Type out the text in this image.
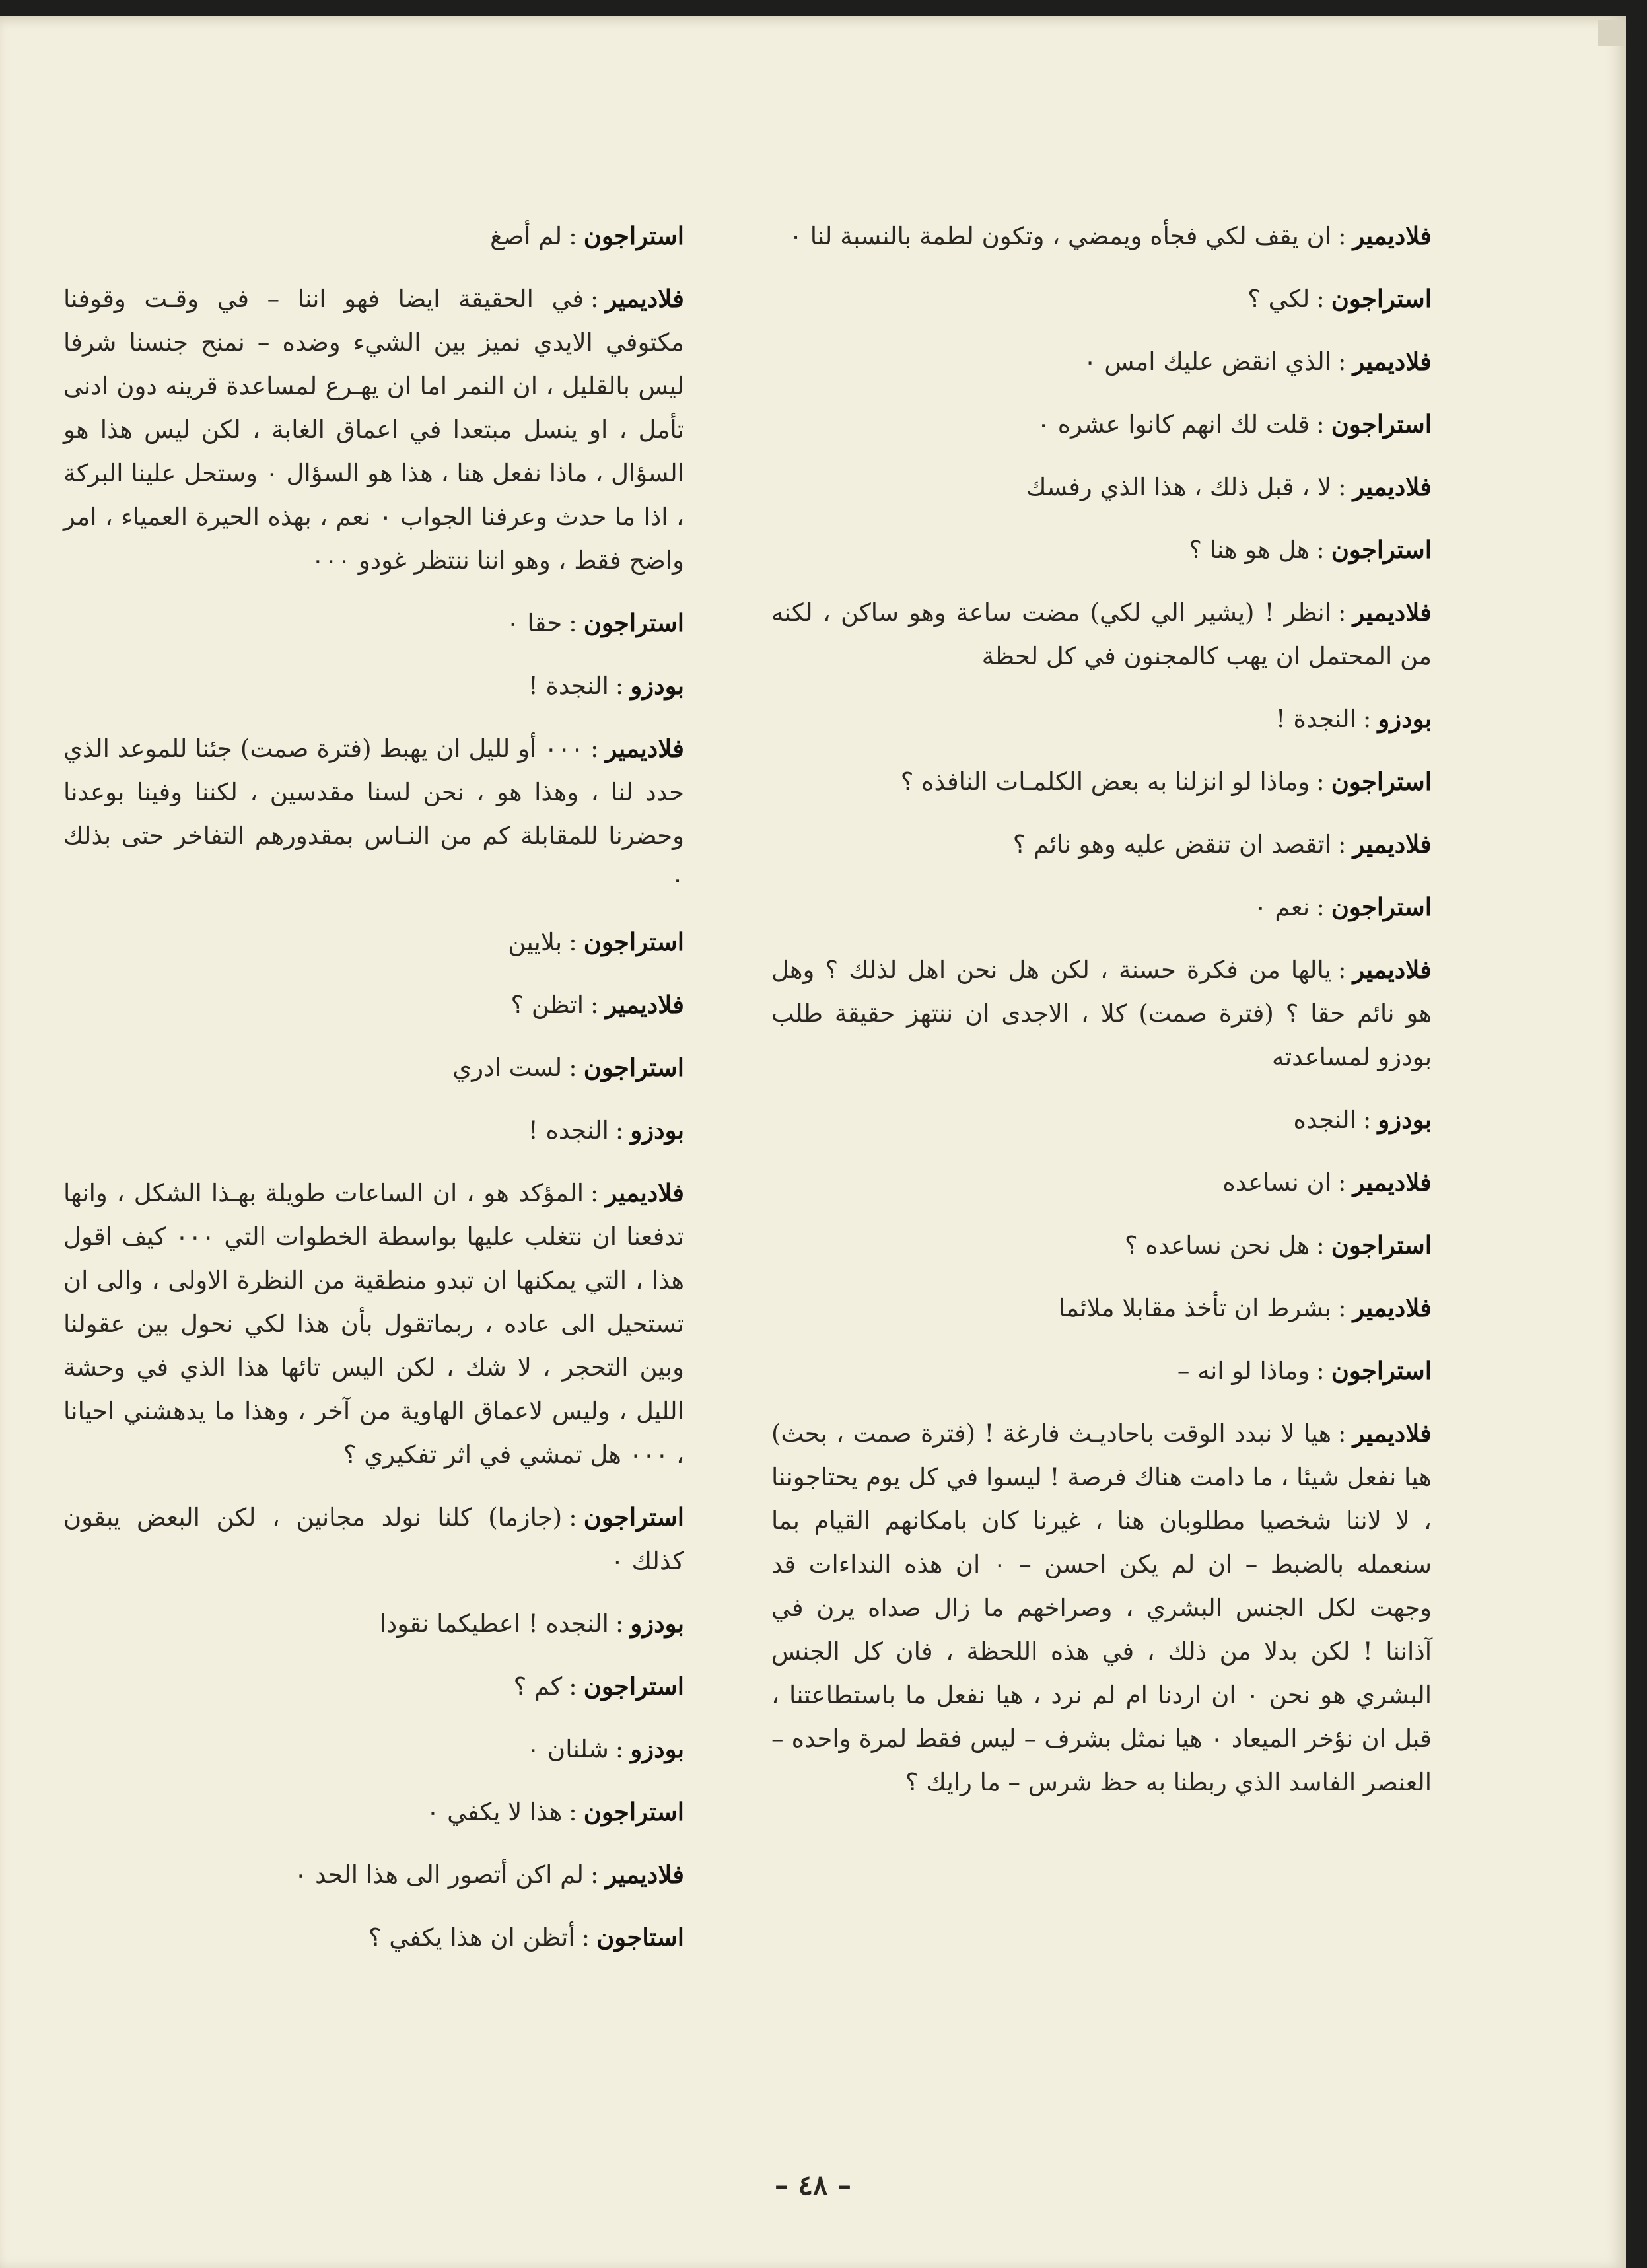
فلاديمير:ان يقف لكي فجأه ويمضي ، وتكون لطمة بالنسبة لنا ٠
استراجون:لكي ؟
فلاديمير:الذي انقض عليك امس ٠
استراجون:قلت لك انهم كانوا عشره ٠
فلاديمير:لا ، قبل ذلك ، هذا الذي رفسك
استراجون:هل هو هنا ؟
فلاديمير:انظر ! (يشير الي لكي) مضت ساعة وهو ساكن ، لكنه من المحتمل ان يهب كالمجنون في كل لحظة
بودزو:النجدة !
استراجون:وماذا لو انزلنا به بعض الكلمـات النافذه ؟
فلاديمير:اتقصد ان تنقض عليه وهو نائم ؟
استراجون:نعم ٠
فلاديمير:يالها من فكرة حسنة ، لكن هل نحن اهل لذلك ؟ وهل هو نائم حقا ؟ (فترة صمت) كلا ، الاجدى ان ننتهز حقيقة طلب بودزو لمساعدته
بودزو:النجده
فلاديمير:ان نساعده
استراجون:هل نحن نساعده ؟
فلاديمير:بشرط ان تأخذ مقابلا ملائما
استراجون:وماذا لو انه –
فلاديمير:هيا لا نبدد الوقت باحاديـث فارغة ! (فترة صمت ، بحث) هيا نفعل شيئا ، ما دامت هناك فرصة ! ليسوا في كل يوم يحتاجوننا ، لا لاننا شخصيا مطلوبان هنا ، غيرنا كان بامكانهم القيام بما سنعمله بالضبط – ان لم يكن احسن – ٠ ان هذه النداءات قد وجهت لكل الجنس البشري ، وصراخهم ما زال صداه يرن في آذاننا ! لكن بدلا من ذلك ، في هذه اللحظة ، فان كل الجنس البشري هو نحن ٠ ان اردنا ام لم نرد ، هيا نفعل ما باستطاعتنا ، قبل ان نؤخر الميعاد ٠ هيا نمثل بشرف – ليس فقط لمرة واحده – العنصر الفاسد الذي ربطنا به حظ شرس – ما رايك ؟
استراجون:لم أصغ
فلاديمير:في الحقيقة ايضا فهو اننا – في وقـت وقوفنا مكتوفي الايدي نميز بين الشيء وضده – نمنح جنسنا شرفا ليس بالقليل ، ان النمر اما ان يهـرع لمساعدة قرينه دون ادنى تأمل ، او ينسل مبتعدا في اعماق الغابة ، لكن ليس هذا هو السؤال ، ماذا نفعل هنا ، هذا هو السؤال ٠ وستحل علينا البركة ، اذا ما حدث وعرفنا الجواب ٠ نعم ، بهذه الحيرة العمياء ، امر واضح فقط ، وهو اننا ننتظر غودو ٠٠٠
استراجون:حقا ٠
بودزو:النجدة !
فلاديمير:٠٠٠ أو لليل ان يهبط (فترة صمت) جئنا للموعد الذي حدد لنا ، وهذا هو ، نحن لسنا مقدسين ، لكننا وفينا بوعدنا وحضرنا للمقابلة كم من النـاس بمقدورهم التفاخر حتى بذلك ٠
استراجون:بلايين
فلاديمير:اتظن ؟
استراجون:لست ادري
بودزو:النجده !
فلاديمير:المؤكد هو ، ان الساعات طويلة بهـذا الشكل ، وانها تدفعنا ان نتغلب عليها بواسطة الخطوات التي ٠٠٠ كيف اقول هذا ، التي يمكنها ان تبدو منطقية من النظرة الاولى ، والى ان تستحيل الى عاده ، ربماتقول بأن هذا لكي نحول بين عقولنا وبين التحجر ، لا شك ، لكن اليس تائها هذا الذي في وحشة الليل ، وليس لاعماق الهاوية من آخر ، وهذا ما يدهشني احيانا ، ٠٠٠ هل تمشي في اثر تفكيري ؟
استراجون:(جازما) كلنا نولد مجانين ، لكن البعض يبقون كذلك ٠
بودزو:النجده ! اعطيكما نقودا
استراجون:كم ؟
بودزو:شلنان ٠
استراجون:هذا لا يكفي ٠
فلاديمير:لم اكن أتصور الى هذا الحد ٠
استاجون:أتظن ان هذا يكفي ؟
– ٤٨ –
